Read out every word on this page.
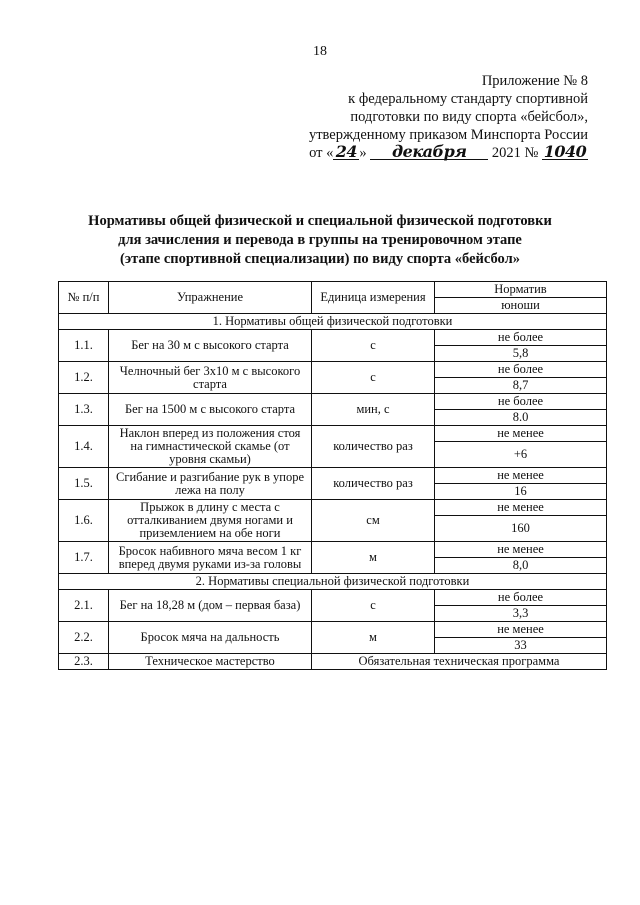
18
Приложение № 8
к федеральному стандарту спортивной
подготовки по виду спорта «бейсбол»,
утвержденному приказом Минспорта России
от « 24 » декабря 2021 № 1040
Нормативы общей физической и специальной физической подготовки
для зачисления и перевода в группы на тренировочном этапе
(этапе спортивной специализации) по виду спорта «бейсбол»
№ п/п	Упражнение	Единица измерения	Норматив
			юноши
1. Нормативы общей физической подготовки			
1.1.	Бег на 30 м с высокого старта	с	не более
			5,8
1.2.	Челночный бег 3х10 м с высокого старта	с	не более
			8,7
1.3.	Бег на 1500 м с высокого старта	мин, с	не более
			8.0
1.4.	Наклон вперед из положения стоя на гимнастической скамье (от уровня скамьи)	количество раз	не менее
			+6
1.5.	Сгибание и разгибание рук в упоре лежа на полу	количество раз	не менее
			16
1.6.	Прыжок в длину с места с отталкиванием двумя ногами и приземлением на обе ноги	см	не менее
			160
1.7.	Бросок набивного мяча весом 1 кг вперед двумя руками из-за головы	м	не менее
			8,0
2. Нормативы специальной физической подготовки			
2.1.	Бег на 18,28 м (дом – первая база)	с	не более
			3,3
2.2.	Бросок мяча на дальность	м	не менее
			33
2.3.	Техническое мастерство	Обязательная техническая программа	
